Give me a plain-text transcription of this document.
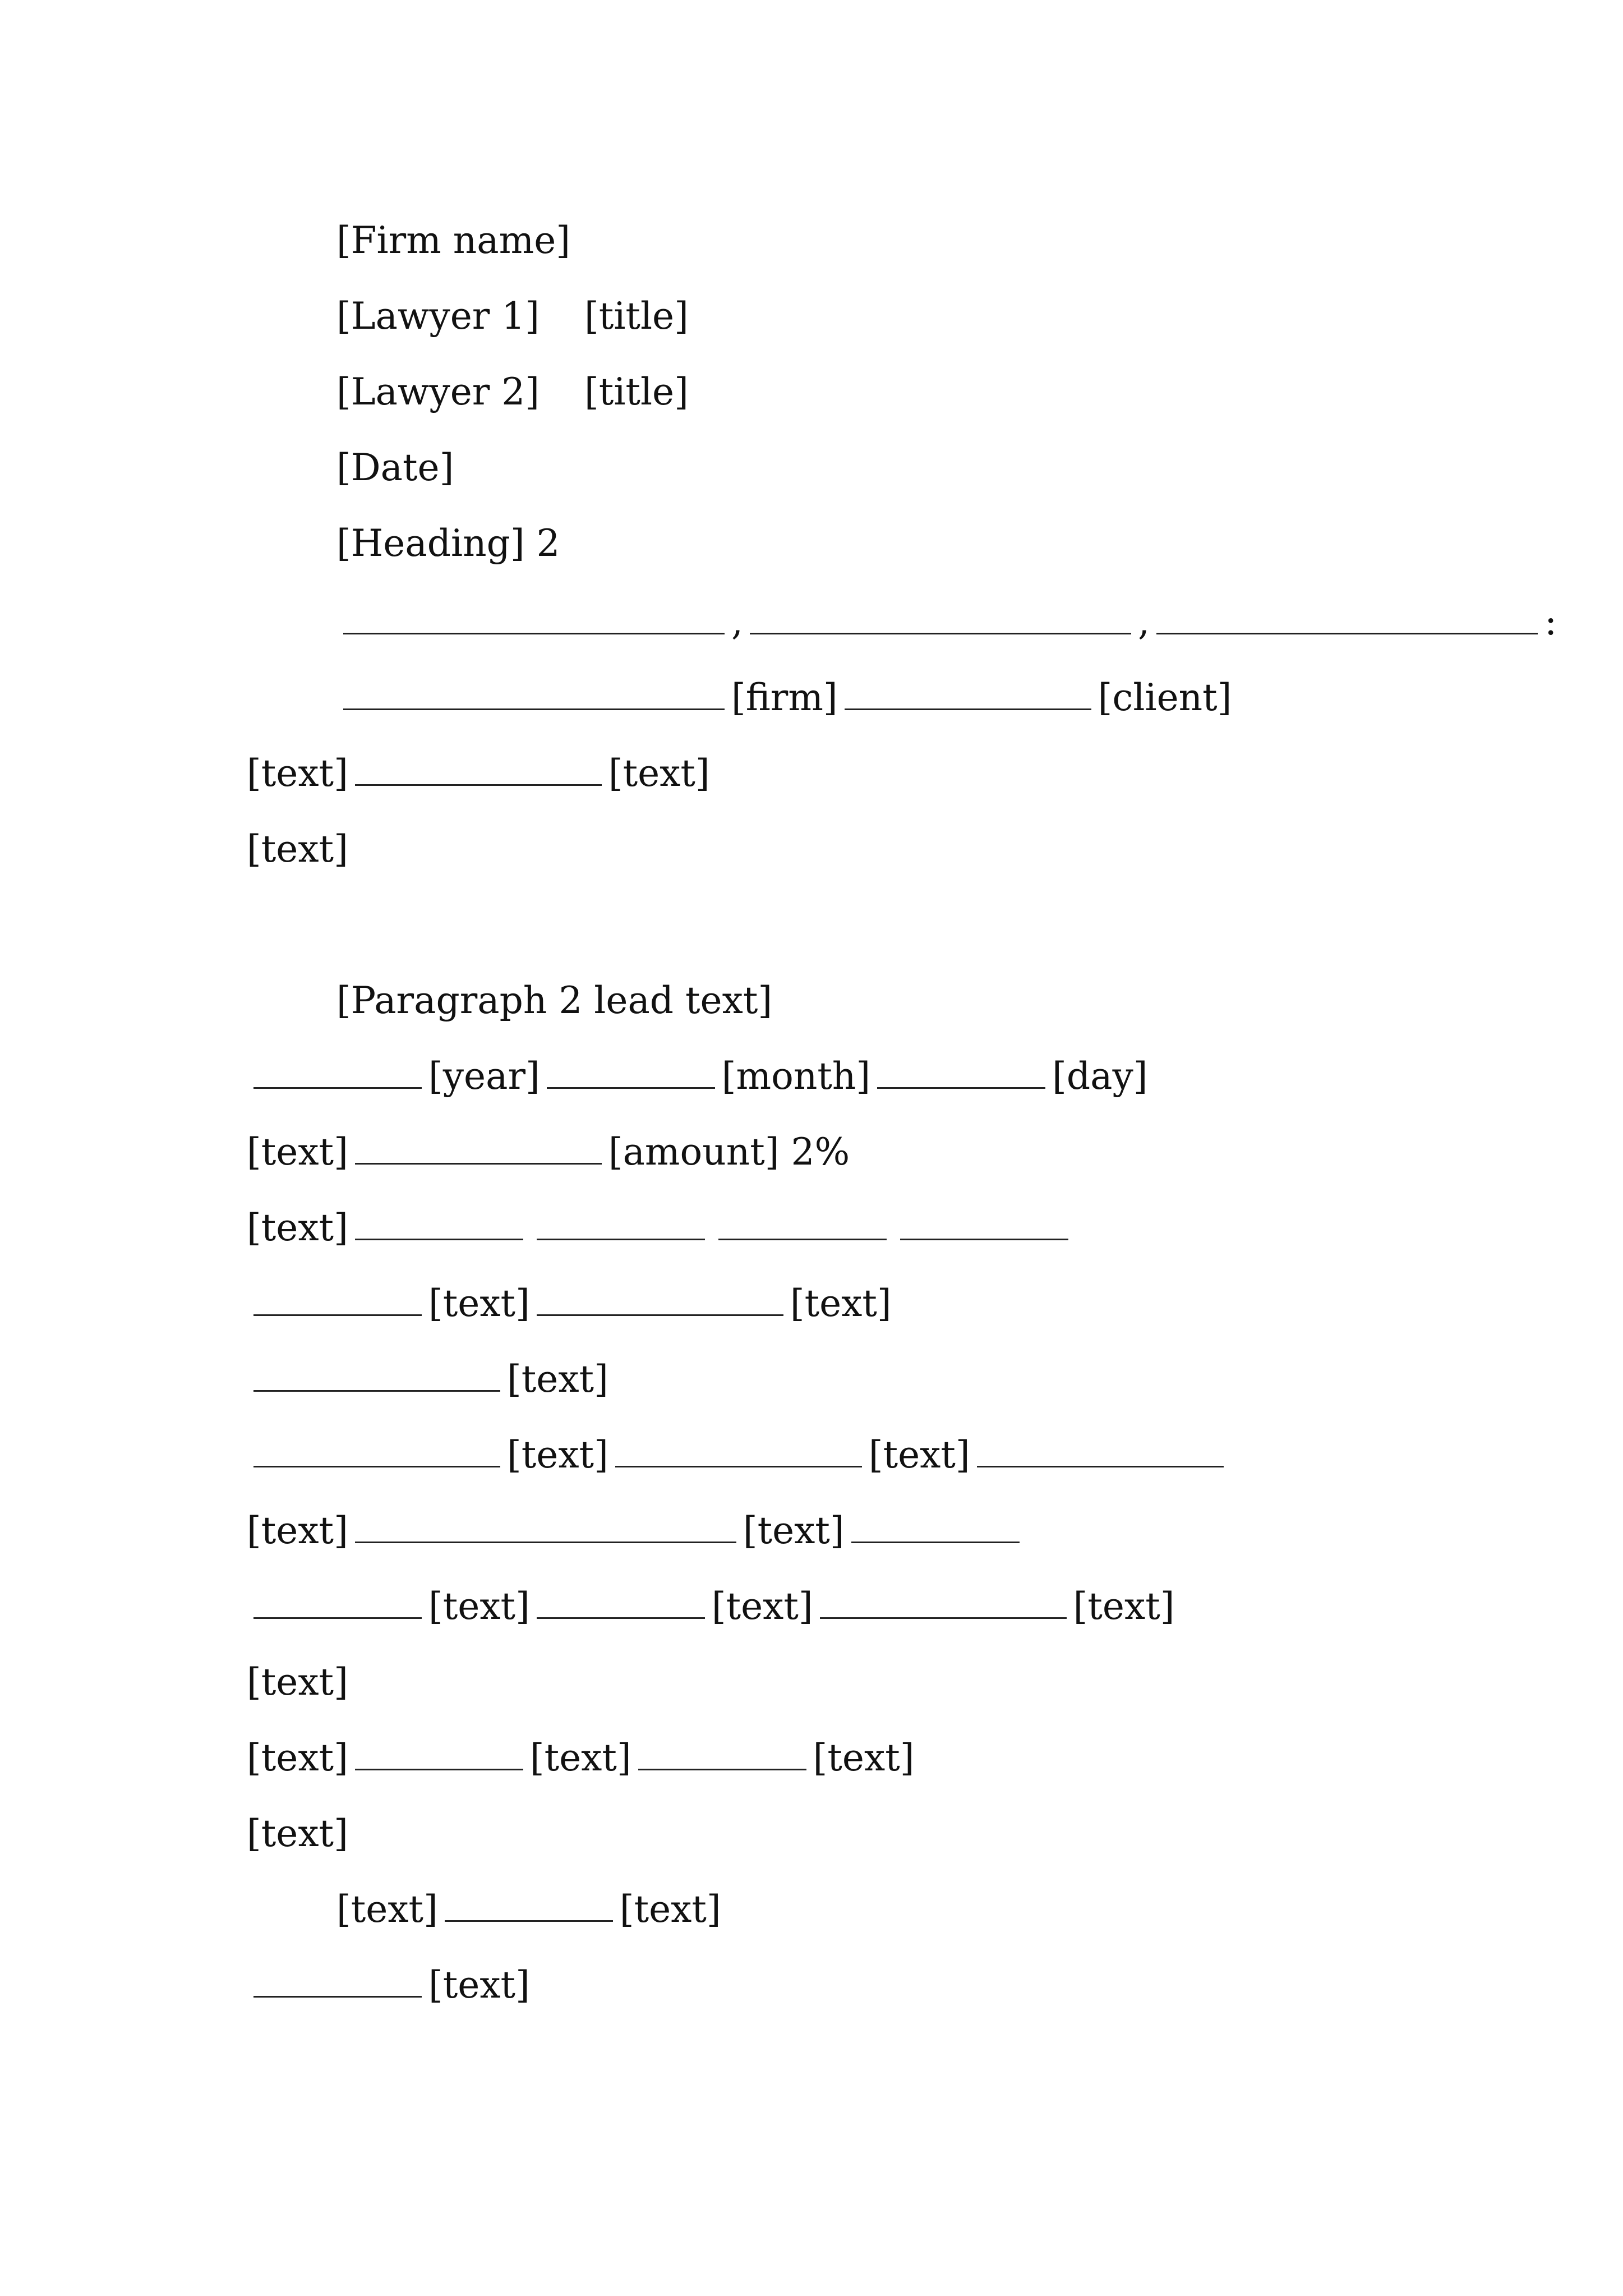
[Firm name]
[Lawyer 1] [title]
[Lawyer 2] [title]
[Date]
[Heading] 2
,	,	:
[firm]	[client]
[text]	[text]
[text]
[Paragraph 2 lead text]
[year]	[month]	[day]
[text]	[amount] 2%
[text]
[text]	[text]
[text]
[text]	[text]
[text]	[text]
[text]	[text]	[text]
[text]
[text]	[text]	[text]
[text]
[text]	[text]
[text]
